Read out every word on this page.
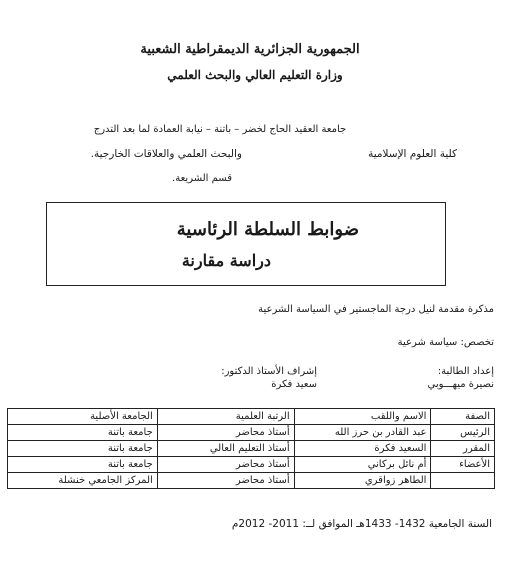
الجمهورية الجزائرية الديمقراطية الشعبية
وزارة التعليم العالي والبحث العلمي
جامعة العقيد الحاج لخضر – باتنة – نيابة العمادة لما بعد التدرج
كلية العلوم الإسلامية
والبحث العلمي والعلاقات الخارجية.
قسم الشريعة.
ضوابط السلطة الرئاسية
دراسة مقارنة
مذكرة مقدمة لنيل درجة الماجستير في السياسة الشرعية
تخصص: سياسة شرعية
إعداد الطالبة:
نصيرة ميهـــوبي
إشراف الأستاذ الدكتور:
سعيد فكرة
الصفة	الاسم واللقب	الرتبة العلمية	الجامعة الأصلية
الرئيس	عبد القادر بن حرز الله	أستاذ محاضر	جامعة باتنة
المقرر	السعيد فكرة	أستاذ التعليم العالي	جامعة باتنة
الأعضاء	أم نائل بركاني	أستاذ محاضر	جامعة باتنة
	الطاهر زواقري	أستاذ محاضر	المركز الجامعي خنشلة
السنة الجامعية 1432- 1433هـ الموافق لــ: 2011- 2012م
